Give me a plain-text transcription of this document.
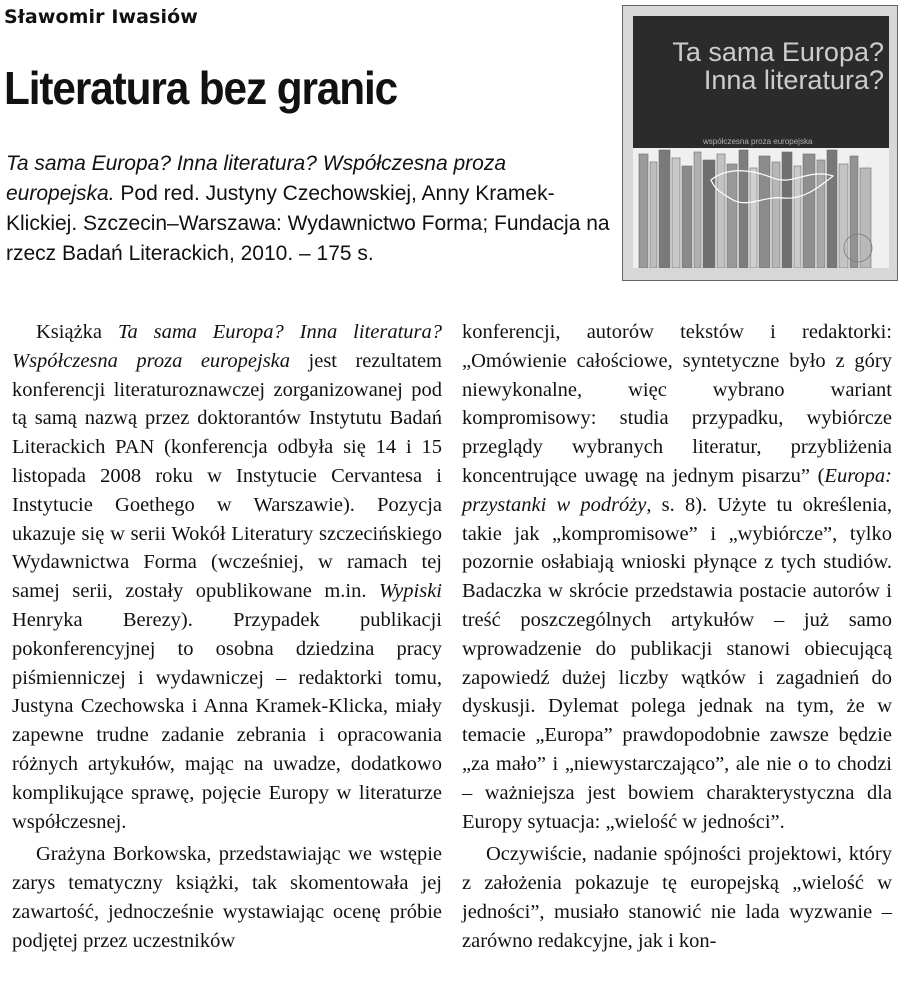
Sławomir Iwasiów
Literatura bez granic
Ta sama Europa? Inna literatura? Współczesna proza europejska. Pod red. Justyny Czechowskiej, Anny Kramek-Klickiej. Szczecin–Warszawa: Wydawnictwo Forma; Fundacja na rzecz Badań Literackich, 2010. – 175 s.
Ta sama Europa?
Inna literatura?
współczesna proza europejska

Książka Ta sama Europa? Inna literatura? Współczesna proza europejska jest rezultatem konferencji literaturoznawczej zorganizowanej pod tą samą nazwą przez doktorantów Instytutu Badań Literackich PAN (konferencja odbyła się 14 i 15 listopada 2008 roku w Instytucie Cervantesa i Instytucie Goethego w Warszawie). Pozycja ukazuje się w serii Wokół Literatury szczecińskiego Wydawnictwa Forma (wcześniej, w ramach tej samej serii, zostały opublikowane m.in. Wypiski Henryka Berezy). Przypadek publikacji pokonferencyjnej to osobna dziedzina pracy piśmienniczej i wydawniczej – redaktorki tomu, Justyna Czechowska i Anna Kramek-Klicka, miały zapewne trudne zadanie zebrania i opracowania różnych artykułów, mając na uwadze, dodatkowo komplikujące sprawę, pojęcie Europy w literaturze współczesnej.

Grażyna Borkowska, przedstawiając we wstępie zarys tematyczny książki, tak skomentowała jej zawartość, jednocześnie wystawiając ocenę próbie podjętej przez uczestników

konferencji, autorów tekstów i redaktorki: „Omówienie całościowe, syntetyczne było z góry niewykonalne, więc wybrano wariant kompromisowy: studia przypadku, wybiórcze przeglądy wybranych literatur, przybliżenia koncentrujące uwagę na jednym pisarzu” (Europa: przystanki w podróży, s. 8). Użyte tu określenia, takie jak „kompromisowe” i „wybiórcze”, tylko pozornie osłabiają wnioski płynące z tych studiów. Badaczka w skrócie przedstawia postacie autorów i treść poszczególnych artykułów – już samo wprowadzenie do publikacji stanowi obiecującą zapowiedź dużej liczby wątków i zagadnień do dyskusji. Dylemat polega jednak na tym, że w temacie „Europa” prawdopodobnie zawsze będzie „za mało” i „niewystarczająco”, ale nie o to chodzi – ważniejsza jest bowiem charakterystyczna dla Europy sytuacja: „wielość w jedności”.

Oczywiście, nadanie spójności projektowi, który z założenia pokazuje tę europejską „wielość w jedności”, musiało stanowić nie lada wyzwanie – zarówno redakcyjne, jak i kon-
